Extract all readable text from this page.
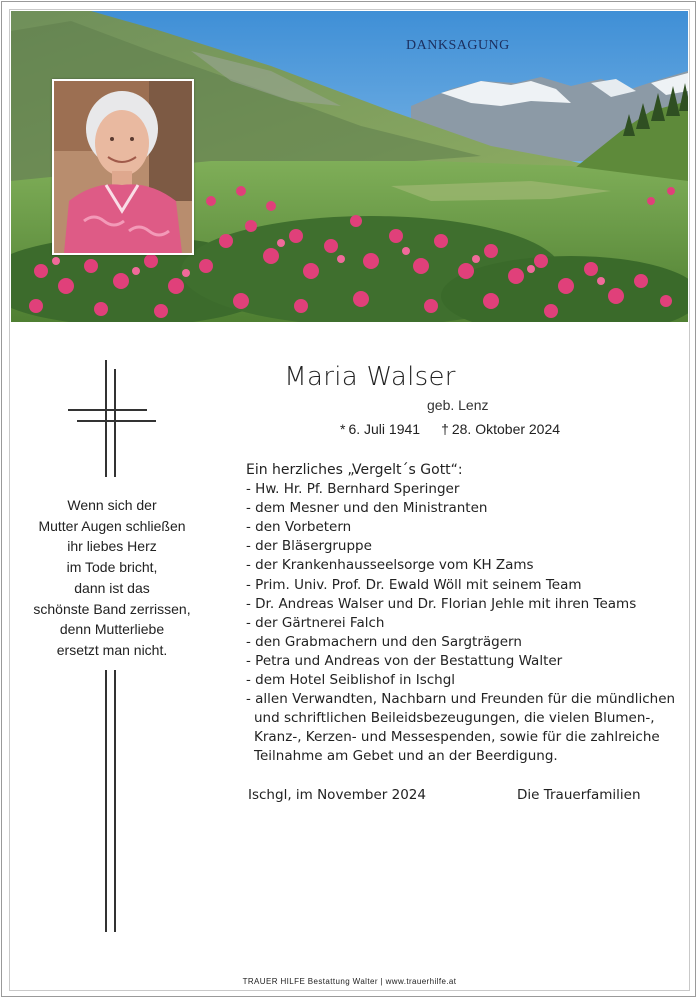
DANKSAGUNG
Wenn sich der
Mutter Augen schließen
ihr liebes Herz
im Tode bricht,
dann ist das
schönste Band zerrissen,
denn Mutterliebe
ersetzt man nicht.
Maria Walser
geb. Lenz
* 6. Juli 1941 † 28. Oktober 2024
Ein herzliches „Vergelt´s Gott“:
- Hw. Hr. Pf. Bernhard Speringer
- dem Mesner und den Ministranten
- den Vorbetern
- der Bläsergruppe
- der Krankenhausseelsorge vom KH Zams
- Prim. Univ. Prof. Dr. Ewald Wöll mit seinem Team
- Dr. Andreas Walser und Dr. Florian Jehle mit ihren Teams
- der Gärtnerei Falch
- den Grabmachern und den Sargträgern
- Petra und Andreas von der Bestattung Walter
- dem Hotel Seiblishof in Ischgl
- allen Verwandten, Nachbarn und Freunden für die mündlichen
und schriftlichen Beileidsbezeugungen, die vielen Blumen-,
Kranz-, Kerzen- und Messespenden, sowie für die zahlreiche
Teilnahme am Gebet und an der Beerdigung.
Ischgl, im November 2024	Die Trauerfamilien
TRAUER HILFE Bestattung Walter | www.trauerhilfe.at
